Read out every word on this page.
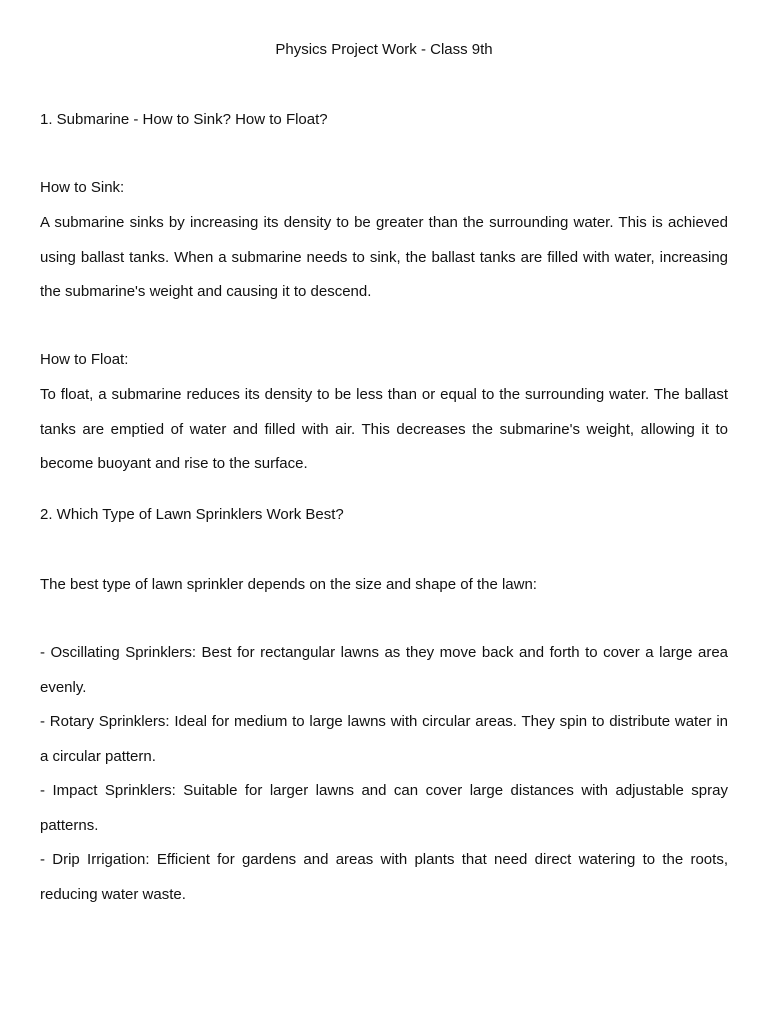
Physics Project Work - Class 9th
1. Submarine - How to Sink? How to Float?
How to Sink:
A submarine sinks by increasing its density to be greater than the surrounding water. This is achieved using ballast tanks. When a submarine needs to sink, the ballast tanks are filled with water, increasing the submarine's weight and causing it to descend.
How to Float:
To float, a submarine reduces its density to be less than or equal to the surrounding water. The ballast tanks are emptied of water and filled with air. This decreases the submarine's weight, allowing it to become buoyant and rise to the surface.
2. Which Type of Lawn Sprinklers Work Best?
The best type of lawn sprinkler depends on the size and shape of the lawn:
- Oscillating Sprinklers: Best for rectangular lawns as they move back and forth to cover a large area evenly.
- Rotary Sprinklers: Ideal for medium to large lawns with circular areas. They spin to distribute water in a circular pattern.
- Impact Sprinklers: Suitable for larger lawns and can cover large distances with adjustable spray patterns.
- Drip Irrigation: Efficient for gardens and areas with plants that need direct watering to the roots, reducing water waste.
